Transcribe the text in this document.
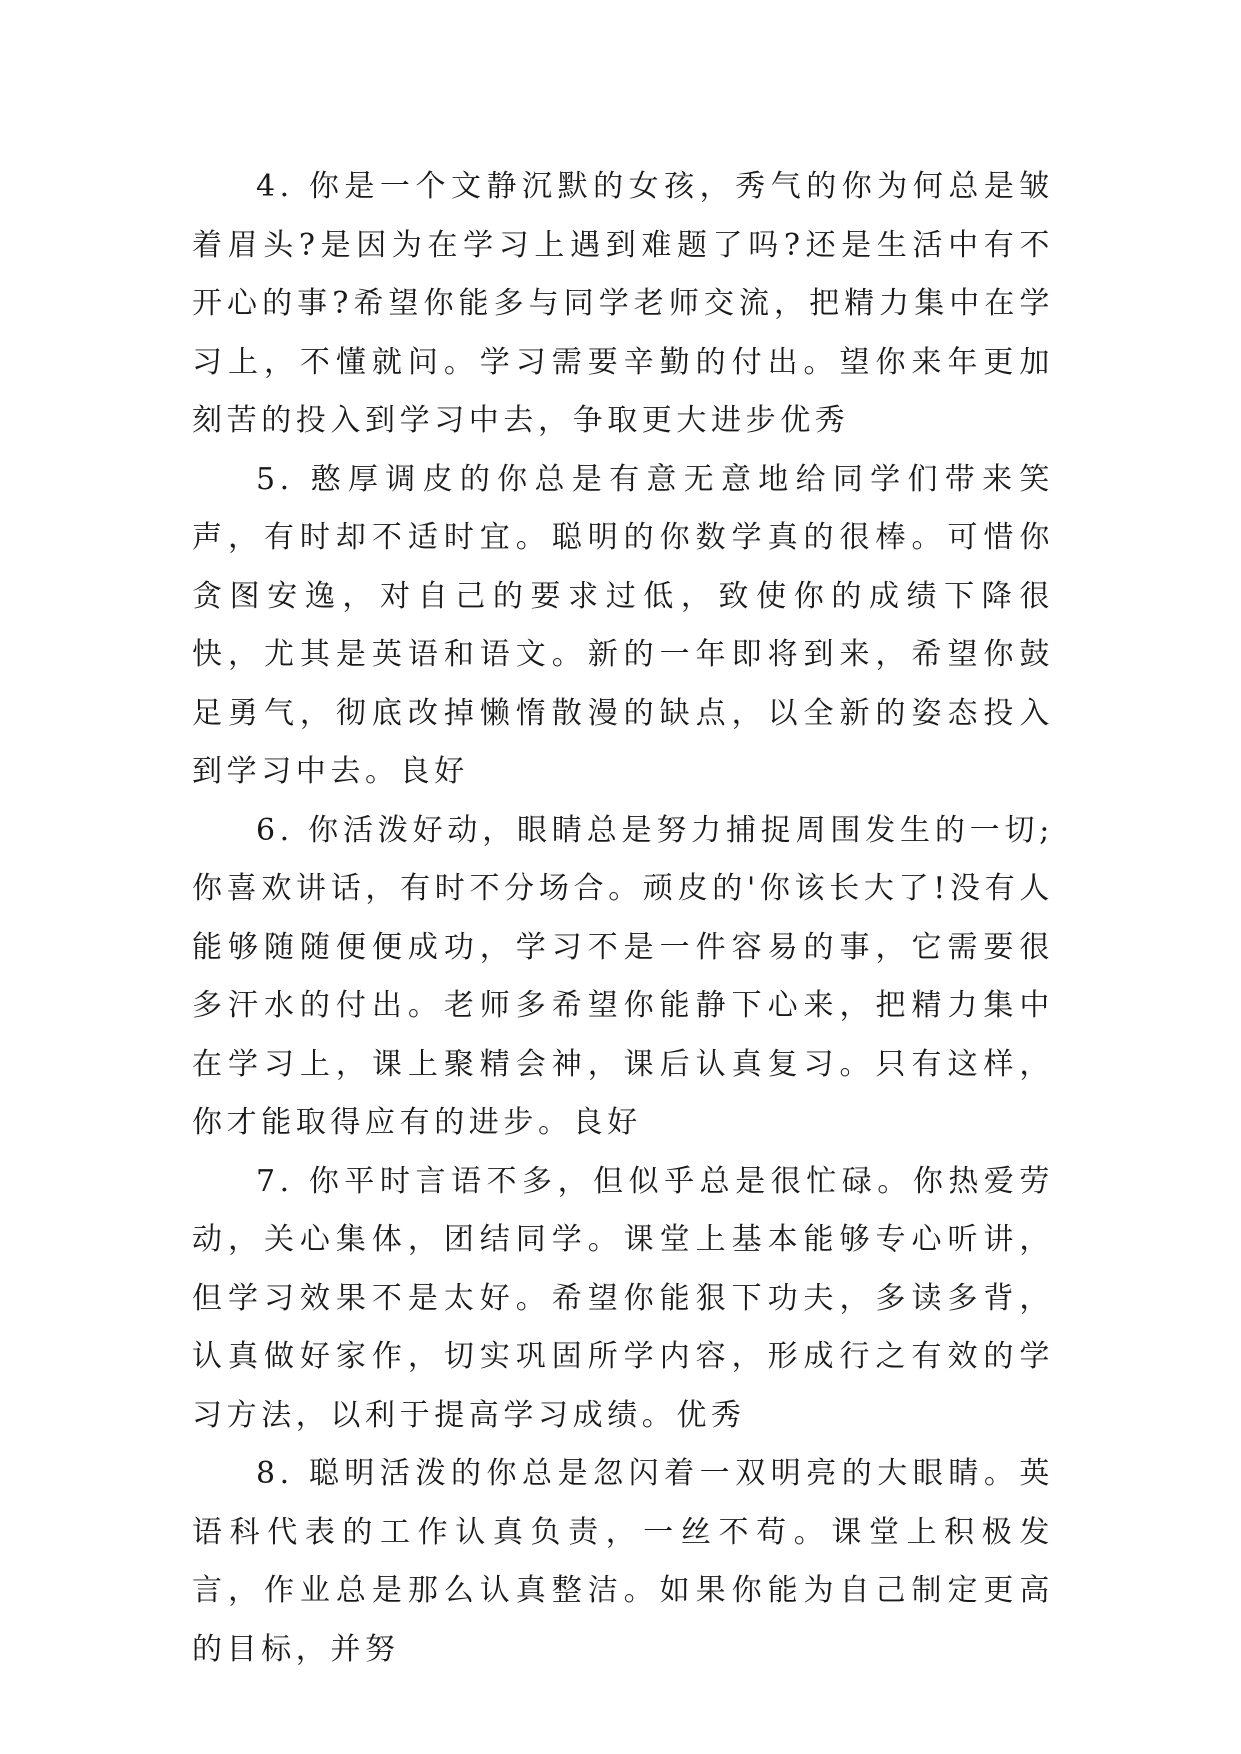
4. 你是一个文静沉默的女孩，秀气的你为何总是皱着眉头?是因为在学习上遇到难题了吗?还是生活中有不开心的事?希望你能多与同学老师交流，把精力集中在学习上，不懂就问。学习需要辛勤的付出。望你来年更加刻苦的投入到学习中去，争取更大进步优秀

5. 憨厚调皮的你总是有意无意地给同学们带来笑声，有时却不适时宜。聪明的你数学真的很棒。可惜你贪图安逸，对自己的要求过低，致使你的成绩下降很快，尤其是英语和语文。新的一年即将到来，希望你鼓足勇气，彻底改掉懒惰散漫的缺点，以全新的姿态投入到学习中去。良好

6. 你活泼好动，眼睛总是努力捕捉周围发生的一切;你喜欢讲话，有时不分场合。顽皮的'你该长大了!没有人能够随随便便成功，学习不是一件容易的事，它需要很多汗水的付出。老师多希望你能静下心来，把精力集中在学习上，课上聚精会神，课后认真复习。只有这样，你才能取得应有的进步。良好

7. 你平时言语不多，但似乎总是很忙碌。你热爱劳动，关心集体，团结同学。课堂上基本能够专心听讲，但学习效果不是太好。希望你能狠下功夫，多读多背，认真做好家作，切实巩固所学内容，形成行之有效的学习方法，以利于提高学习成绩。优秀

8. 聪明活泼的你总是忽闪着一双明亮的大眼睛。英语科代表的工作认真负责，一丝不苟。课堂上积极发言，作业总是那么认真整洁。如果你能为自己制定更高的目标，并努
